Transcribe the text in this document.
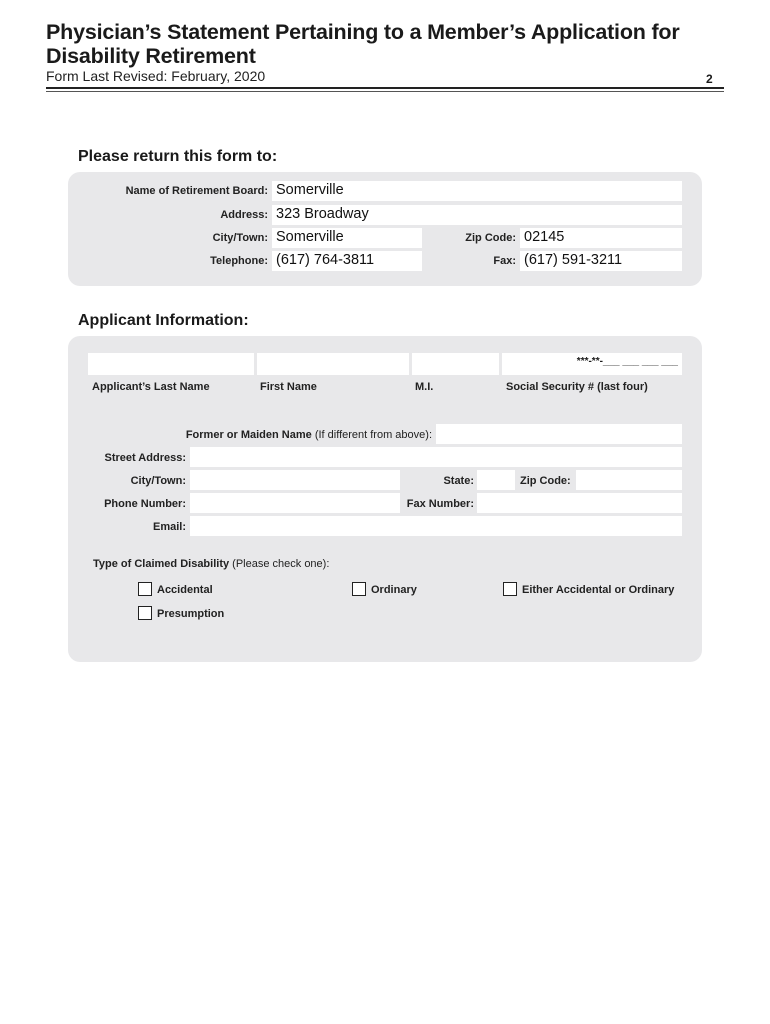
Physician’s Statement Pertaining to a Member’s Application for Disability Retirement
Form Last Revised: February, 2020	2
Please return this form to:
Name of Retirement Board: Somerville
Address: 323 Broadway
City/Town: Somerville	Zip Code: 02145
Telephone: (617) 764-3811	Fax: (617) 591-3211
Applicant Information:
***-**-___ ___ ___ ___
Applicant’s Last Name	First Name	M.I.	Social Security # (last four)
Former or Maiden Name (If different from above):
Street Address:
City/Town:	State:	Zip Code:
Phone Number:	Fax Number:
Email:
Type of Claimed Disability (Please check one):
Accidental	Ordinary	Either Accidental or Ordinary
Presumption
